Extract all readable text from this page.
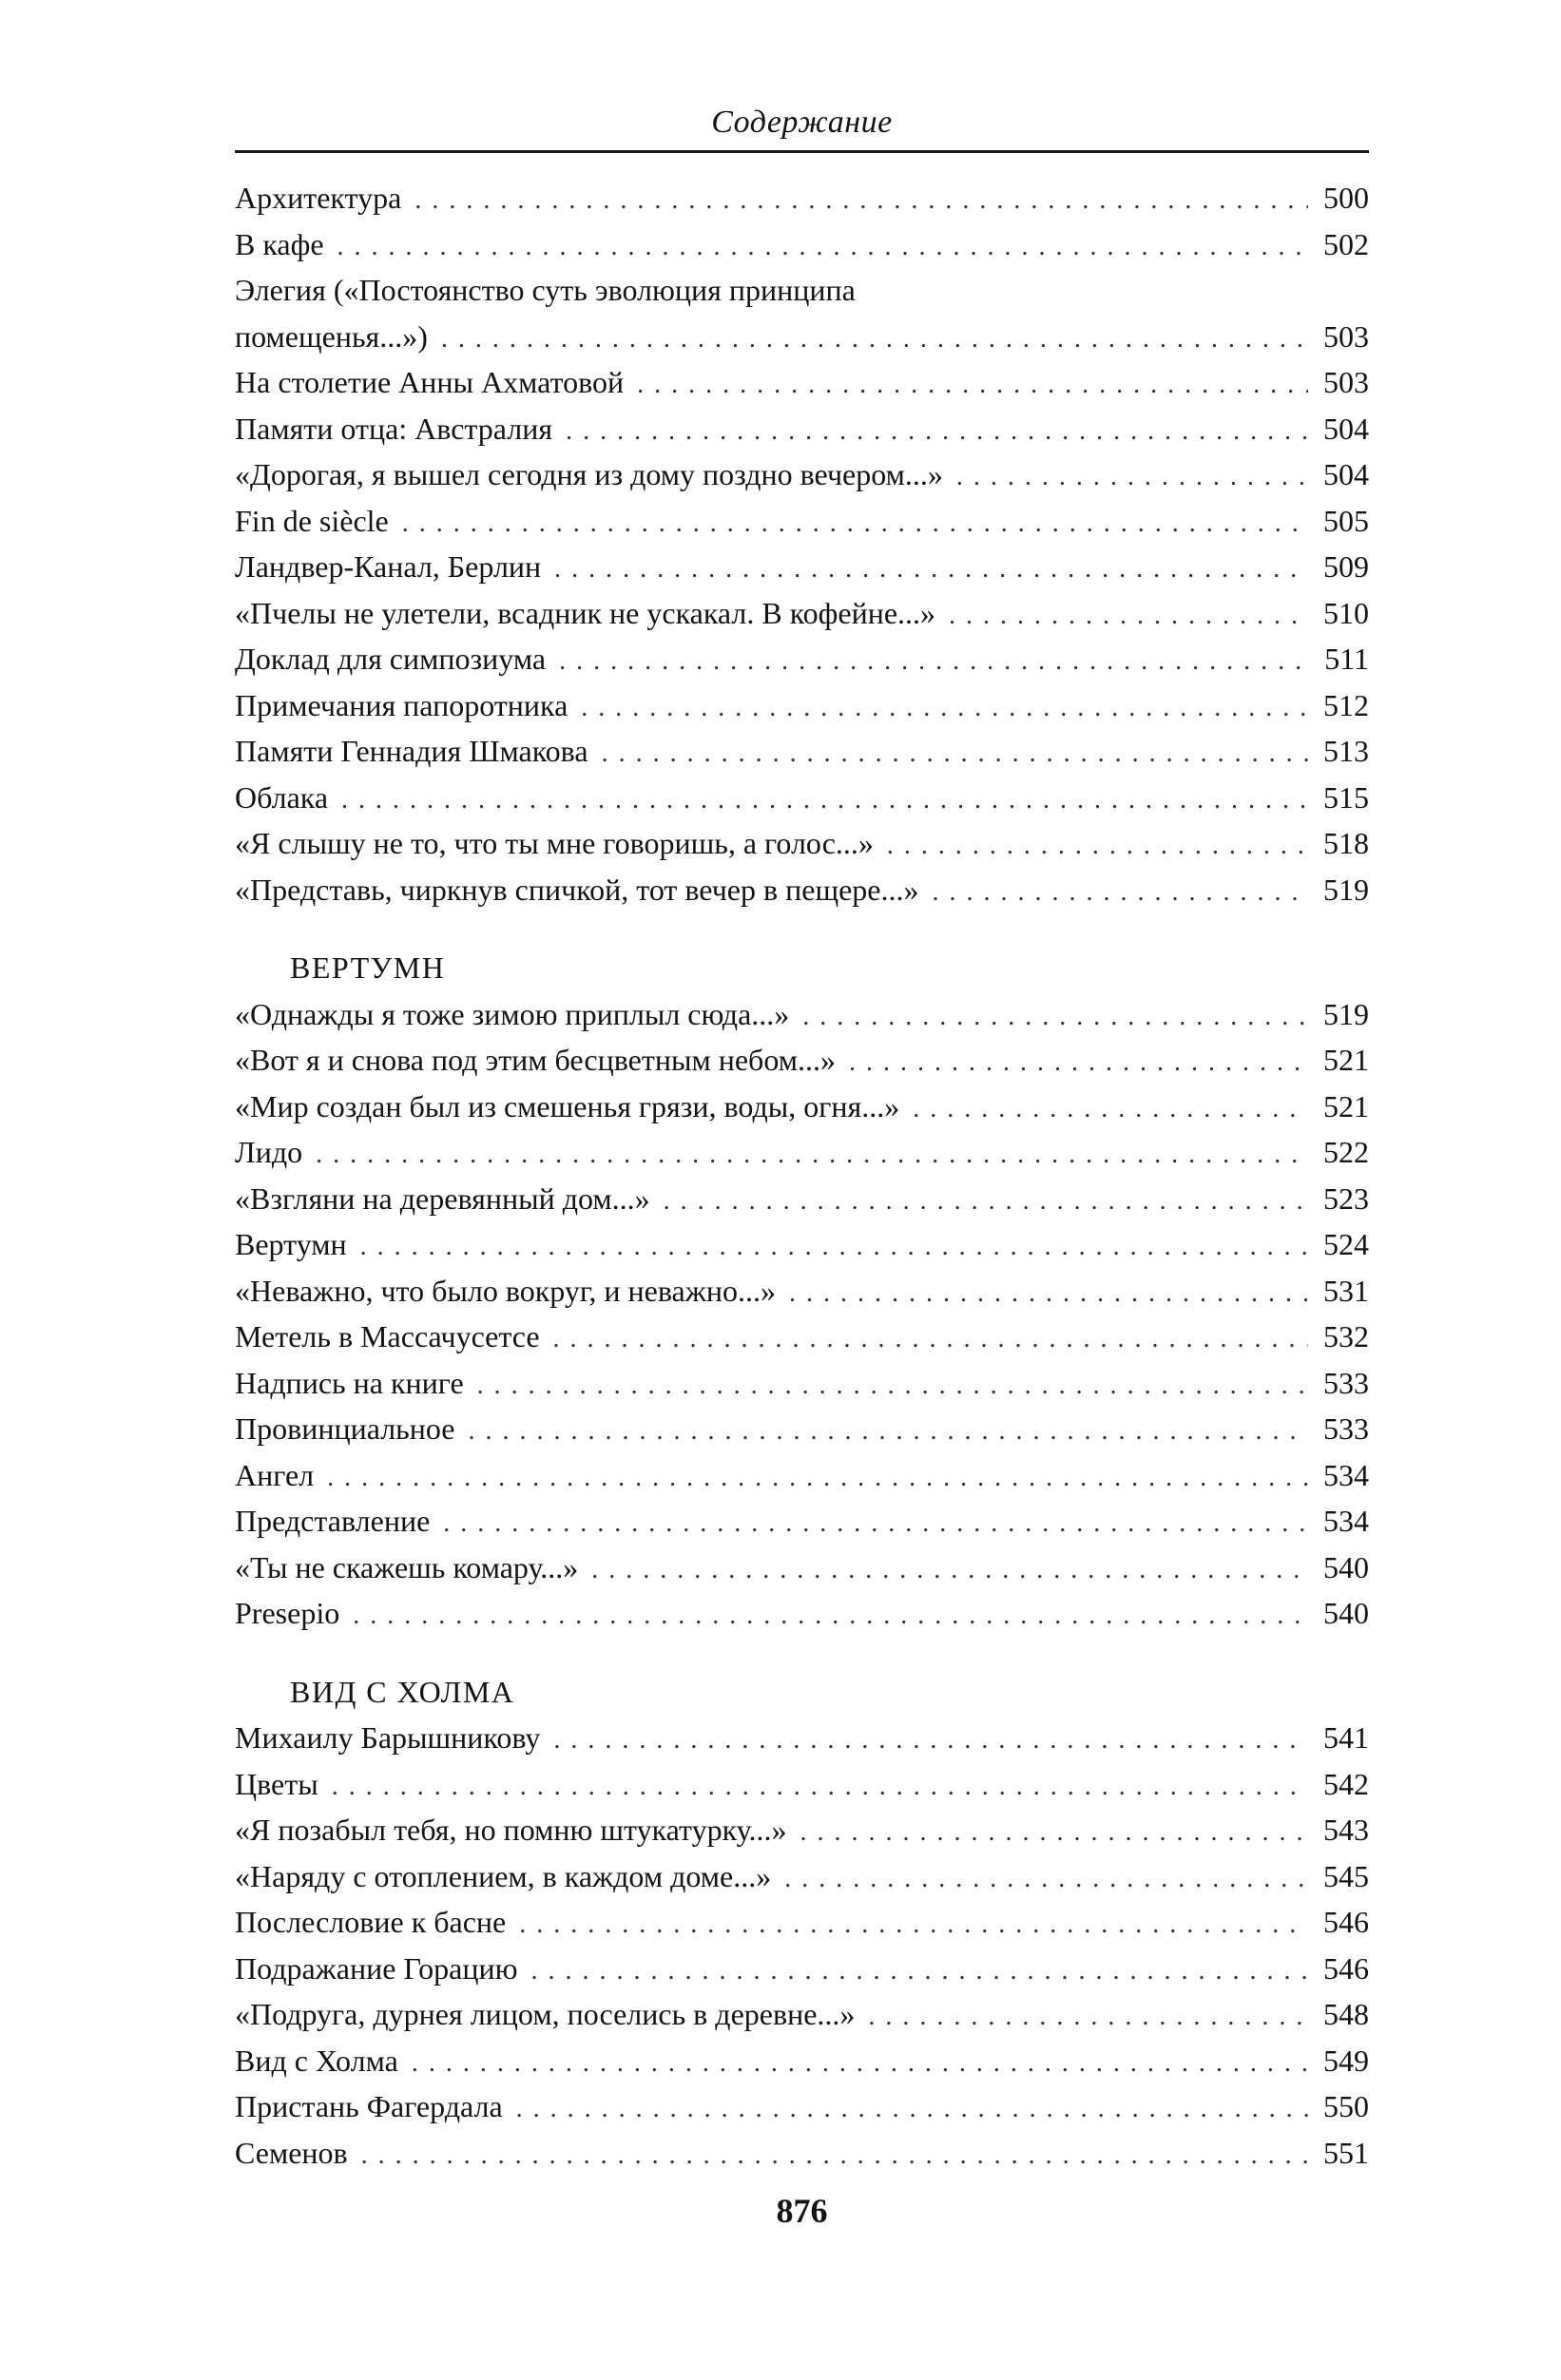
Содержание
Архитектура . . .	500
В кафе . . .	502
Элегия («Постоянство суть эволюция принципа
помещенья...») . . .	503
На столетие Анны Ахматовой . . .	503
Памяти отца: Австралия . . .	504
«Дорогая, я вышел сегодня из дому поздно вечером...» . . .	504
Fin de siècle . . .	505
Ландвер-Канал, Берлин . . .	509
«Пчелы не улетели, всадник не ускакал. В кофейне...» . . .	510
Доклад для симпозиума . . .	511
Примечания папоротника . . .	512
Памяти Геннадия Шмакова . . .	513
Облака . . .	515
«Я слышу не то, что ты мне говоришь, а голос...» . . .	518
«Представь, чиркнув спичкой, тот вечер в пещере...» . . .	519
ВЕРТУМН
«Однажды я тоже зимою приплыл сюда...» . . .	519
«Вот я и снова под этим бесцветным небом...» . . .	521
«Мир создан был из смешенья грязи, воды, огня...» . . .	521
Лидо . . .	522
«Взгляни на деревянный дом...» . . .	523
Вертумн . . .	524
«Неважно, что было вокруг, и неважно...» . . .	531
Метель в Массачусетсе . . .	532
Надпись на книге . . .	533
Провинциальное . . .	533
Ангел . . .	534
Представление . . .	534
«Ты не скажешь комару...» . . .	540
Presepio . . .	540
ВИД С ХОЛМА
Михаилу Барышникову . . .	541
Цветы . . .	542
«Я позабыл тебя, но помню штукатурку...» . . .	543
«Наряду с отоплением, в каждом доме...» . . .	545
Послесловие к басне . . .	546
Подражание Горацию . . .	546
«Подруга, дурнея лицом, поселись в деревне...» . . .	548
Вид с Холма . . .	549
Пристань Фагердала . . .	550
Семенов . . .	551
876
